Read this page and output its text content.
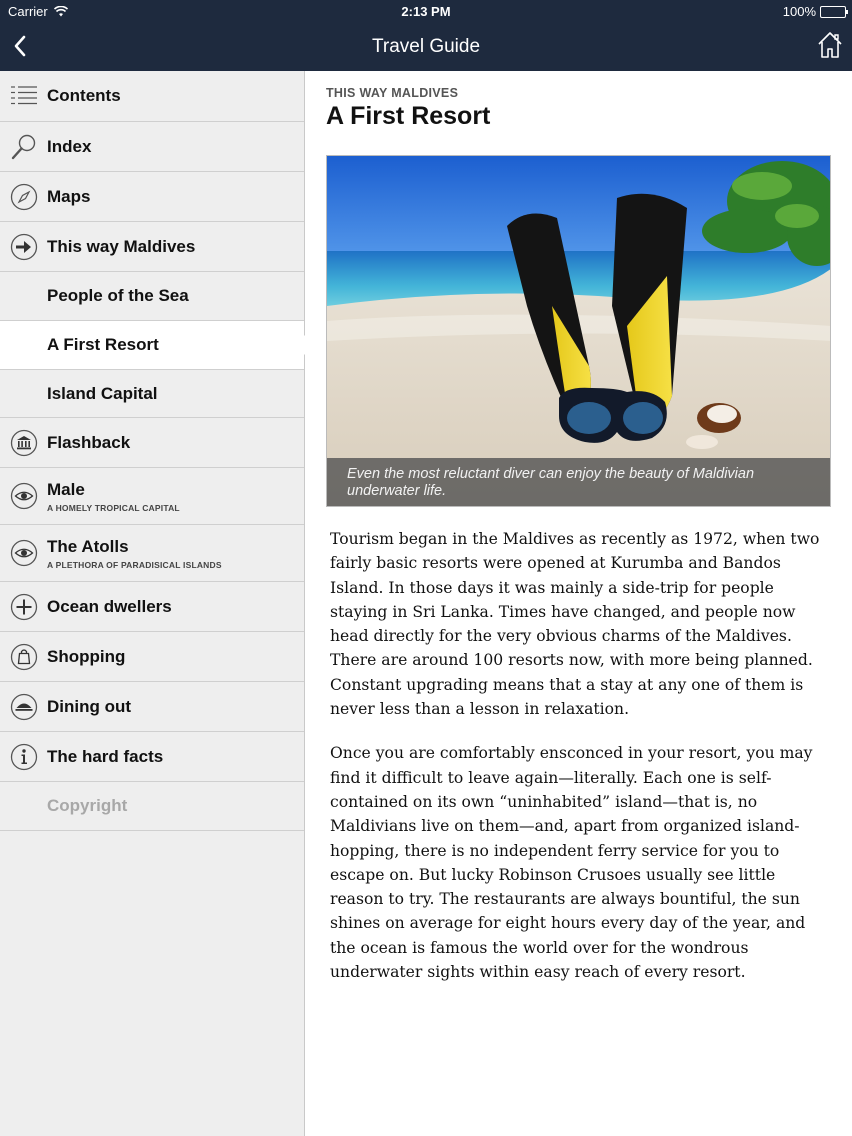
Carrier	2:13 PM	100%
Travel Guide
Contents
Index
Maps
This way Maldives
People of the Sea
A First Resort
Island Capital
Flashback
Male
A HOMELY TROPICAL CAPITAL
The Atolls
A PLETHORA OF PARADISICAL ISLANDS
Ocean dwellers
Shopping
Dining out
The hard facts
Copyright
THIS WAY MALDIVES
A First Resort
Even the most reluctant diver can enjoy the beauty of Maldivian underwater life.

Tourism began in the Maldives as recently as 1972, when two fairly basic resorts were opened at Kurumba and Bandos Island. In those days it was mainly a side-trip for people staying in Sri Lanka. Times have changed, and people now head directly for the very obvious charms of the Maldives. There are around 100 resorts now, with more being planned. Constant upgrading means that a stay at any one of them is never less than a lesson in relaxation.

Once you are comfortably ensconced in your resort, you may find it difficult to leave again—literally. Each one is self-contained on its own “uninhabited” island—that is, no Maldivians live on them—and, apart from organized island-hopping, there is no independent ferry service for you to escape on. But lucky Robinson Crusoes usually see little reason to try. The restaurants are always bountiful, the sun shines on average for eight hours every day of the year, and the ocean is famous the world over for the wondrous underwater sights within easy reach of every resort.
